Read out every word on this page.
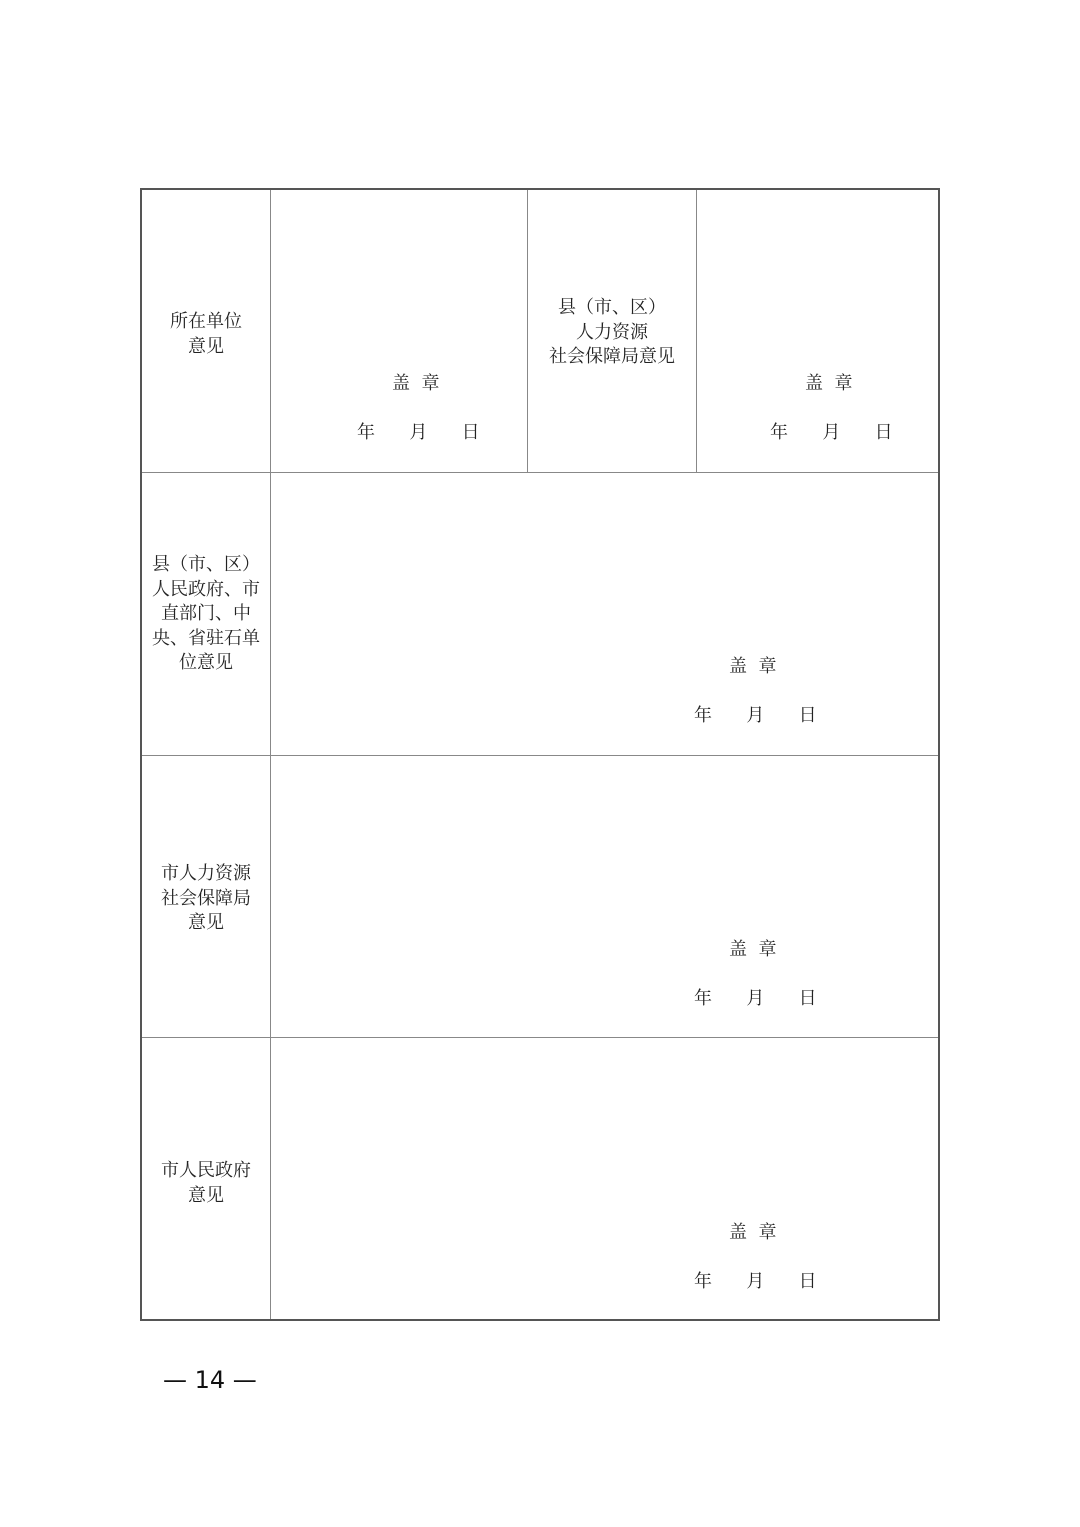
所在单位
意见
盖  章
年      月      日
县（市、区）
人力资源
社会保障局意见
盖  章
年      月      日
县（市、区）
人民政府、市
直部门、中
央、省驻石单
位意见	盖  章
年      月      日
市人力资源
社会保障局
意见
盖  章
年      月      日
市人民政府
意见
盖  章
年      月      日
— 14 —
